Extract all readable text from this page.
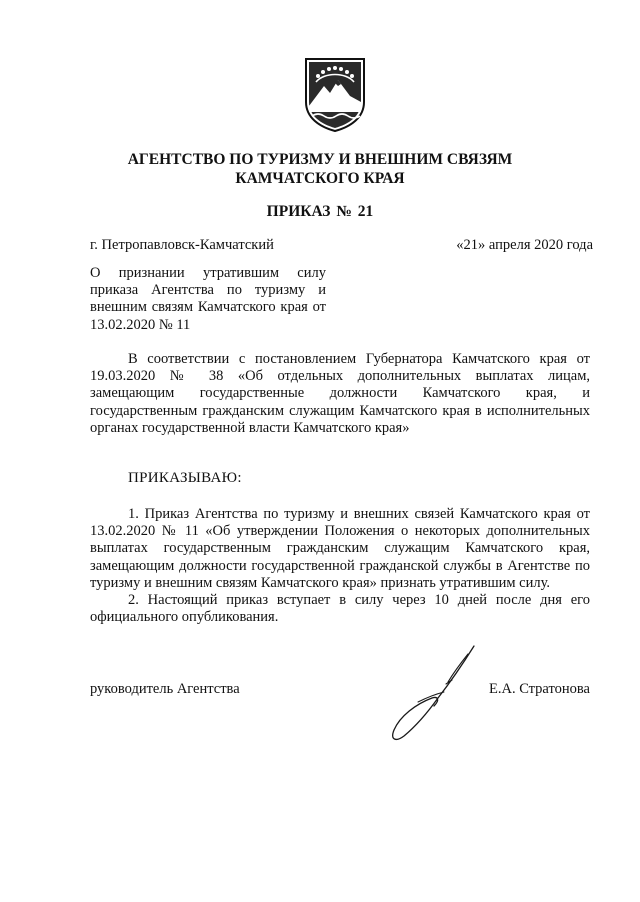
АГЕНТСТВО ПО ТУРИЗМУ И ВНЕШНИМ СВЯЗЯМ
КАМЧАТСКОГО КРАЯ
ПРИКАЗ № 21
г. Петропавловск-Камчатский	«21» апреля 2020 года
О признании утратившим силу приказа Агентства по туризму и внешним связям Камчатского края от 13.02.2020 № 11

В соответствии с постановлением Губернатора Камчатского края от 19.03.2020 № 38 «Об отдельных дополнительных выплатах лицам, замещающим государственные должности Камчатского края, и государственным гражданским служащим Камчатского края в исполнительных органах государственной власти Камчатского края»

ПРИКАЗЫВАЮ:

1. Приказ Агентства по туризму и внешних связей Камчатского края от 13.02.2020 № 11 «Об утверждении Положения о некоторых дополнительных выплатах государственным гражданским служащим Камчатского края, замещающим должности государственной гражданской службы в Агентстве по туризму и внешним связям Камчатского края» признать утратившим силу.

2. Настоящий приказ вступает в силу через 10 дней после дня его официального опубликования.

руководитель Агентства	Е.А. Стратонова
